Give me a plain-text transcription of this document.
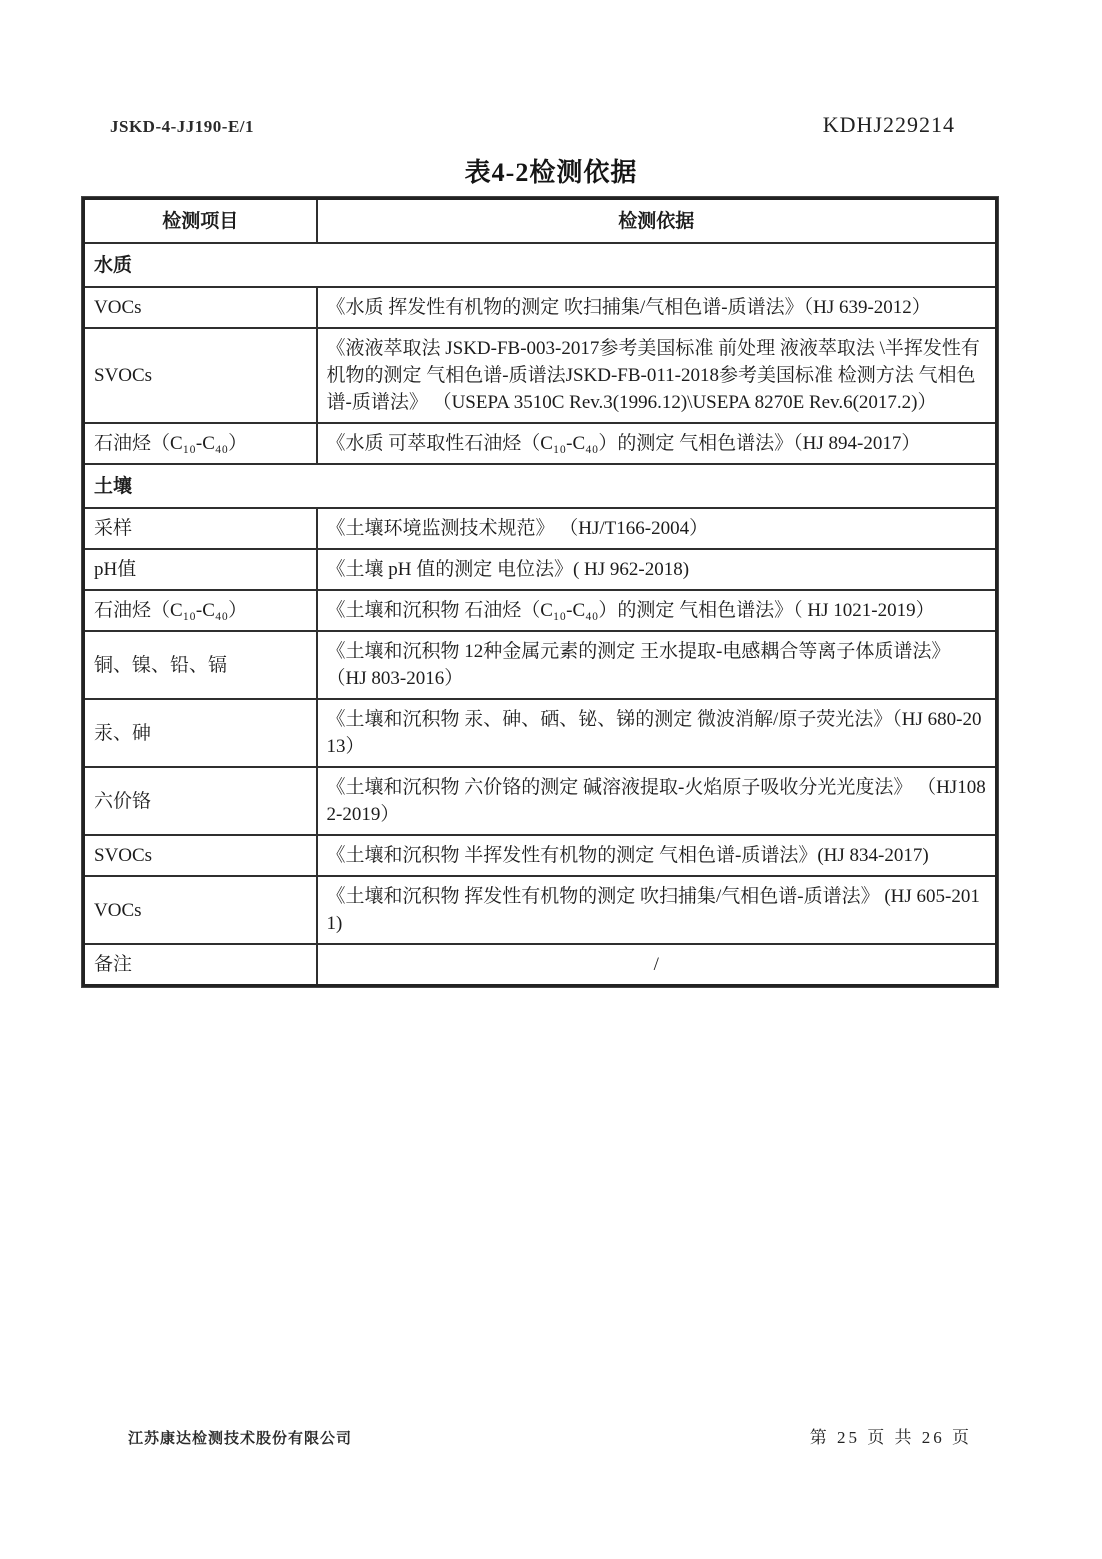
JSKD-4-JJ190-E/1	KDHJ229214
表4-2检测依据
检测项目	检测依据
水质	
VOCs	《水质 挥发性有机物的测定 吹扫捕集/气相色谱-质谱法》（HJ 639-2012）
SVOCs	《液液萃取法 JSKD-FB-003-2017参考美国标准 前处理 液液萃取法 \半挥发性有机物的测定 气相色谱-质谱法JSKD-FB-011-2018参考美国标准 检测方法 气相色谱-质谱法》 （USEPA 3510C Rev.3(1996.12)\USEPA 8270E Rev.6(2017.2)）
石油烃（C₁₀-C₄₀）	《水质 可萃取性石油烃（C₁₀-C₄₀）的测定 气相色谱法》（HJ 894-2017）
土壤	
采样	《土壤环境监测技术规范》 （HJ/T166-2004）
pH值	《土壤 pH 值的测定 电位法》( HJ 962-2018)
石油烃（C₁₀-C₄₀）	《土壤和沉积物 石油烃（C₁₀-C₄₀）的测定 气相色谱法》（ HJ 1021-2019）
铜、镍、铅、镉	《土壤和沉积物 12种金属元素的测定 王水提取-电感耦合等离子体质谱法》 （HJ 803-2016）
汞、砷	《土壤和沉积物 汞、砷、硒、铋、锑的测定 微波消解/原子荧光法》（HJ 680-2013）
六价铬	《土壤和沉积物 六价铬的测定 碱溶液提取-火焰原子吸收分光光度法》 （HJ1082-2019）
SVOCs	《土壤和沉积物 半挥发性有机物的测定 气相色谱-质谱法》(HJ 834-2017)
VOCs	《土壤和沉积物 挥发性有机物的测定 吹扫捕集/气相色谱-质谱法》 (HJ 605-2011)
备注	/
江苏康达检测技术股份有限公司	第 25 页 共 26 页
